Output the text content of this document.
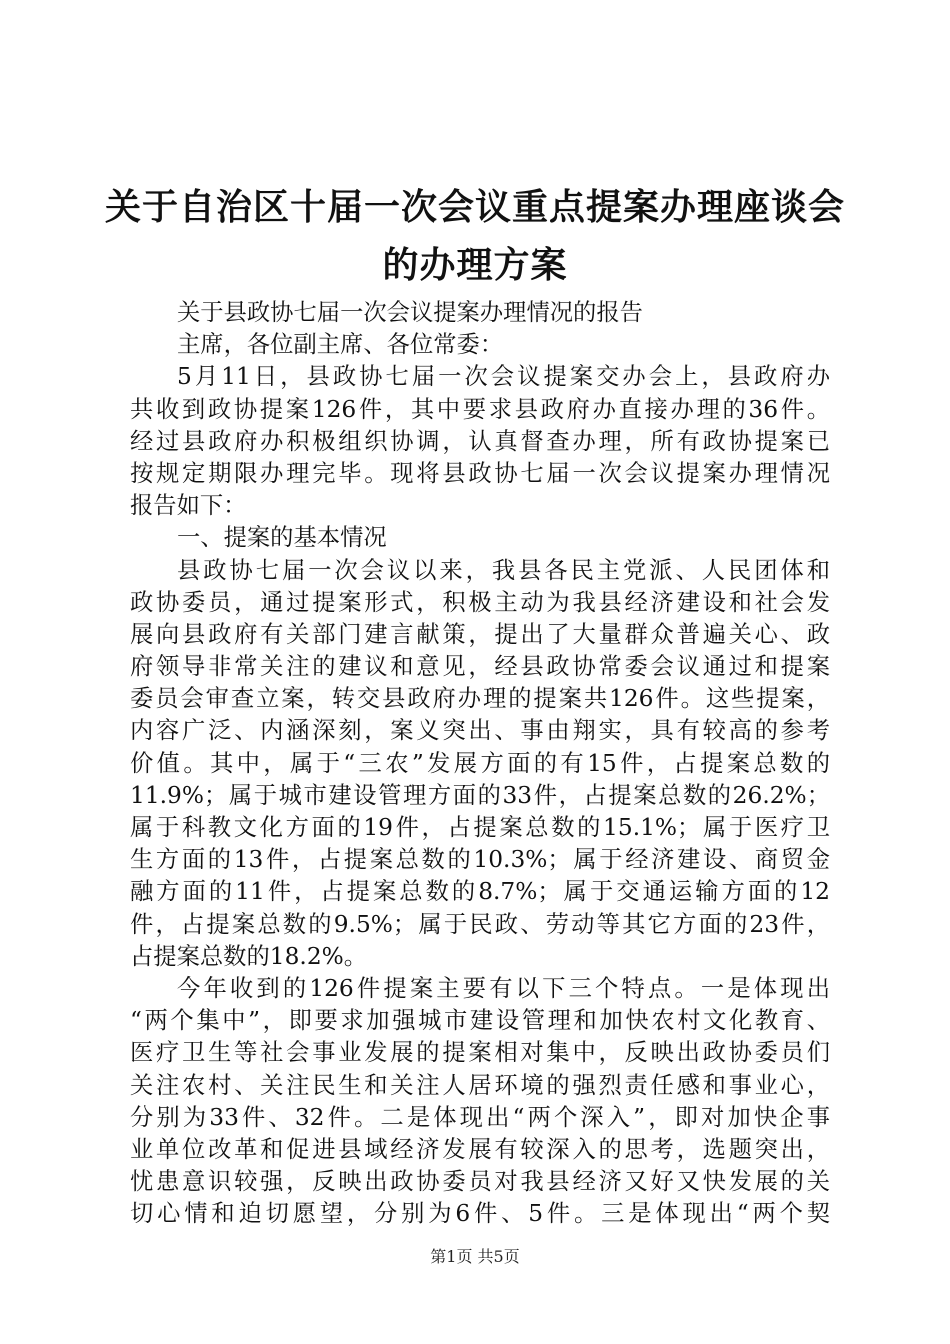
关于自治区十届一次会议重点提案办理座谈会
的办理方案
关于县政协七届一次会议提案办理情况的报告
主席，各位副主席、各位常委：
5月11日，县政协七届一次会议提案交办会上，县政府办
共收到政协提案126件，其中要求县政府办直接办理的36件。
经过县政府办积极组织协调，认真督查办理，所有政协提案已
按规定期限办理完毕。现将县政协七届一次会议提案办理情况
报告如下：
一、提案的基本情况
县政协七届一次会议以来，我县各民主党派、人民团体和
政协委员，通过提案形式，积极主动为我县经济建设和社会发
展向县政府有关部门建言献策，提出了大量群众普遍关心、政
府领导非常关注的建议和意见，经县政协常委会议通过和提案
委员会审查立案，转交县政府办理的提案共126件。这些提案，
内容广泛、内涵深刻，案义突出、事由翔实，具有较高的参考
价值。其中，属于“三农”发展方面的有15件，占提案总数的
11.9%；属于城市建设管理方面的33件，占提案总数的26.2%；
属于科教文化方面的19件，占提案总数的15.1%；属于医疗卫
生方面的13件，占提案总数的10.3%；属于经济建设、商贸金
融方面的11件，占提案总数的8.7%；属于交通运输方面的12
件，占提案总数的9.5%；属于民政、劳动等其它方面的23件，
占提案总数的18.2%。
今年收到的126件提案主要有以下三个特点。一是体现出
“两个集中”，即要求加强城市建设管理和加快农村文化教育、
医疗卫生等社会事业发展的提案相对集中，反映出政协委员们
关注农村、关注民生和关注人居环境的强烈责任感和事业心，
分别为33件、32件。二是体现出“两个深入”，即对加快企事
业单位改革和促进县域经济发展有较深入的思考，选题突出，
忧患意识较强，反映出政协委员对我县经济又好又快发展的关
切心情和迫切愿望，分别为6件、5件。三是体现出“两个契
第1页 共5页
